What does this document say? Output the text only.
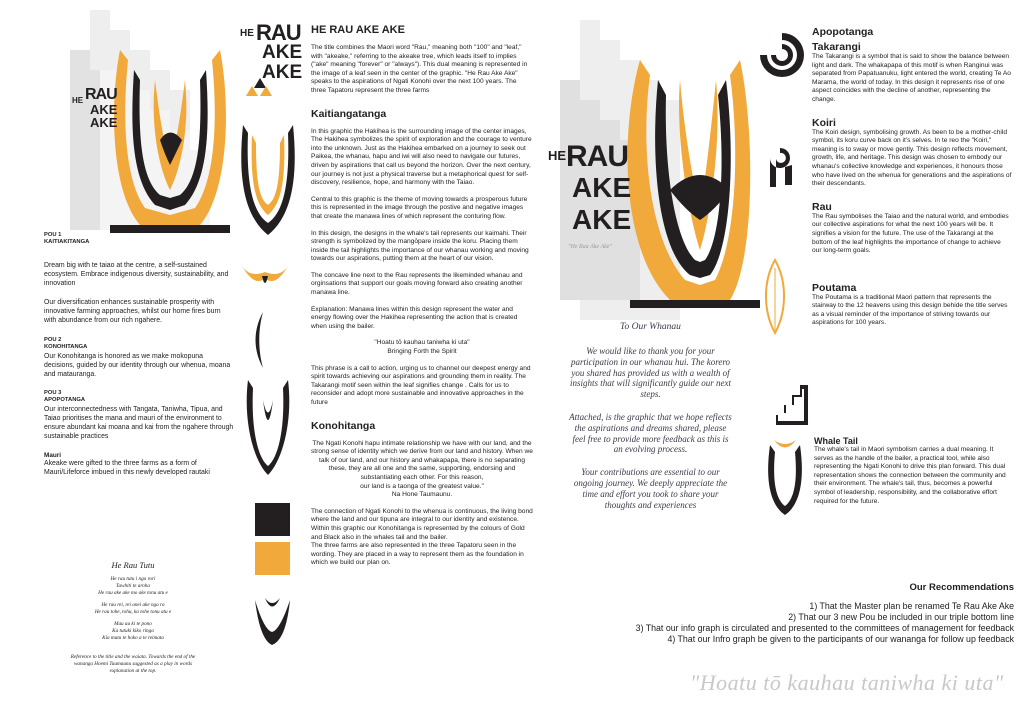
HE RAU
AKE
AKE
POU 1
KAITIAKITANGA
Dream big with te taiao at the centre, a self-sustained ecosystem. Embrace indigenous diversity, sustainability, and innovation
Our diversification enhances sustainable prosperity with innovative farming approaches, whilst our home fires burn with abundance from our rich ngahere.
POU 2
KONOHITANGA
Our Konohitanga is honored as we make mokopuna decisions, guided by our identity through our whenua, moana and matauranga.
POU 3
APOPOTANGA
Our interconnectedness with Tangata, Taniwha, Tipua, and Taiao prioritises the mana and mauri of the environment to ensure abundant kai moana and kai from the ngahere through sustainable practices
Mauri
Akeake were gifted to the three farms as a form of Mauri/Lifeforce imbued in this newly developed rautaki
He Rau Tutu
He rau tutu i nga rori
Tawhiti te aroha
He rau ake ake mo ake tonu atu e
He rau rei, rei anei ake nga ra
He rau tohe, tohu, ka tohe tonu atu e
Mau au ki te pono
Ka tutuki kiko ringa
Kia mutu te hoko a te reimata
Reference to the title and the waiata. Towards the end of the wananga Hoemi Taumaunu suggested as a play in words explanation at the top.
HE RAU
AKE
AKE
HE RAU AKE AKE
The title combines the Maori word "Rau," meaning both "100" and "leaf," with "akeake," referring to the akeake tree, which leads itself to implies ("ake" meaning "forever" or "always"). This dual meaning is represented in the image of a leaf seen in the center of the graphic. "He Rau Ake Ake" speaks to the aspirations of Ngati Konohi over the next 100 years. The three Tapatoru represent the three farms
Kaitiangatanga
In this graphic the Hakihea is the surrounding image of the center images, The Hakihea symbolizes the spirit of exploration and the courage to venture into the unknown. Just as the Hakihea embarked on a journey to seek out Paikea, the whanau, hapu and iwi will also need to navigate our futures, driven by aspirations that call us beyond the horizon. Over the next century, our journey is not just a physical traverse but a metaphorical quest for self-discovery, resilience, hope, and harmony with the Taiao.
Central to this graphic is the theme of moving towards a prosperous future this is represented in the image through the postive and negative images that create the manawa lines of which represent the conturing flow.
In this design, the designs in the whale's tail represents our kaimahi. Their strength is symbolized by the mangōpare inside the koru. Placing them inside the tail highlights the importance of our whanau working and moving towards our aspirations, putting them at the heart of our vision.
The concave line next to the Rau represents the likeminded whanau and orginsations that support our goals moving forward also creating another manawa line.
Explanation: Manawa lines within this design represent the water and energy flowing over the Hakihea representing the action that is created when using the bailer.
"Hoatu tō kauhau taniwha ki uta"
Bringing Forth the Spirit
This phrase is a call to action, urging us to channel our deepest energy and spirit towards achieving our aspirations and grounding them in reality. The Takarangi motif seen within the leaf signifies change . Calls for us to reconsider and adopt more sustainable and innovative approaches in the future
Konohitanga
The Ngati Konohi hapu intimate relationship we have with our land, and the strong sense of identity which we derive from our land and history. When we talk of our land, and our history and whakapapa, there is no separating these, they are all one and the same, supporting, endorsing and substantiating each other. For this reason,
our land is a taonga of the greatest value."
Na Hone Taumaunu.
The connection of Ngati Konohi to the whenua is continuous, the living bond where the land and our tipuna are integral to our identity and existence. Within this graphic our Konohitanga is represented by the colours of Gold and Black also in the whales tail and the bailer.
The three farms are also represented in the three Tapatoru seen in the wording. They are placed in a way to represent them as the foundation in which we build our plan on.
HE RAU
AKE
AKE
"He Rau Ake Ake"
To Our Whanau
We would like to thank you for your participation in our whanau hui. The korero you shared has provided us with a wealth of insights that will significantly guide our next steps.
Attached, is the graphic that we hope reflects the aspirations and dreams shared, please feel free to provide more feedback as this is an evolving process.
Your contributions are essential to our ongoing journey. We deeply appreciate the time and effort you took to share your thoughts and experiences
Apopotanga
Takarangi
The Takarangi is a symbol that is said to show the balance between light and dark. The whakapapa of this motif is when Ranginui was separated from Papatuanuku, light entered the world, creating Te Ao Marama, the world of today. In this design it represents rise of one aspect coincides with the decline of another, representing the change.
Koiri
The Koiri design, symbolising growth. As been to be a mother-child symbol, its koru curve back on it's selves. In te reo the "Koiri," meaning is to sway or move gently. This design reflects movement, growth, life, and heritage. This design was chosen to embody our whanau's collective knowledge and experiences, it honours those who have lived on the whenua for generations and the aspirations of their descendants.
Rau
The Rau symbolises the Taiao and the natural world, and embodies our collective aspirations for what the next 100 years will be. It signifies a vision for the future. The use of the Takarangi at the bottom of the leaf highlights the importance of change to achieve our long-term goals.
Poutama
The Poutama is a traditional Maori pattern that represents the stairway to the 12 heavens using this design behide the title serves as a visual reminder of the importance of striving towards our aspirations for 100 years.
Whale Tail
The whale's tail in Maori symbolism carries a dual meaning. It serves as the handle of the bailer, a practical tool, while also representing the Ngati Konohi to drive this plan forward. This dual representation shows the connection between the community and their environment. The whale's tail, thus, becomes a powerful symbol of leadership, responsibility, and the collaborative effort required for the future.
Our Recommendations
1) That the Master plan be renamed Te Rau Ake Ake
2) That our 3 new Pou be included in our triple bottom line
3) That our info graph is circulated and presented to the committees of management for feedback
4) That our Infro graph be given to the participants of our wananga for follow up feedback
"Hoatu tō kauhau taniwha ki uta"
